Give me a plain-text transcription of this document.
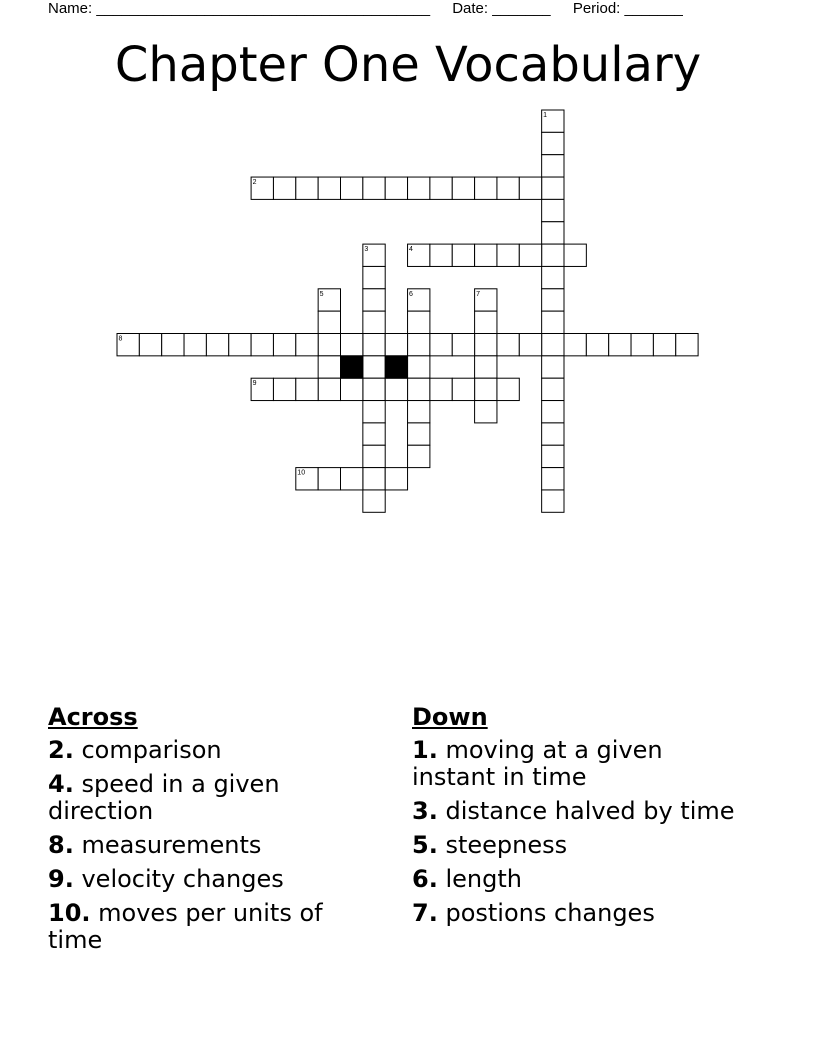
Name: ________________________________________ Date: _______ Period: _______
Chapter One Vocabulary
1
2
3	4
5	6	7
8
9
10
Across
2. comparison
4. speed in a given direction
8. measurements
9. velocity changes
10. moves per units of time
Down
1. moving at a given instant in time
3. distance halved by time
5. steepness
6. length
7. postions changes
